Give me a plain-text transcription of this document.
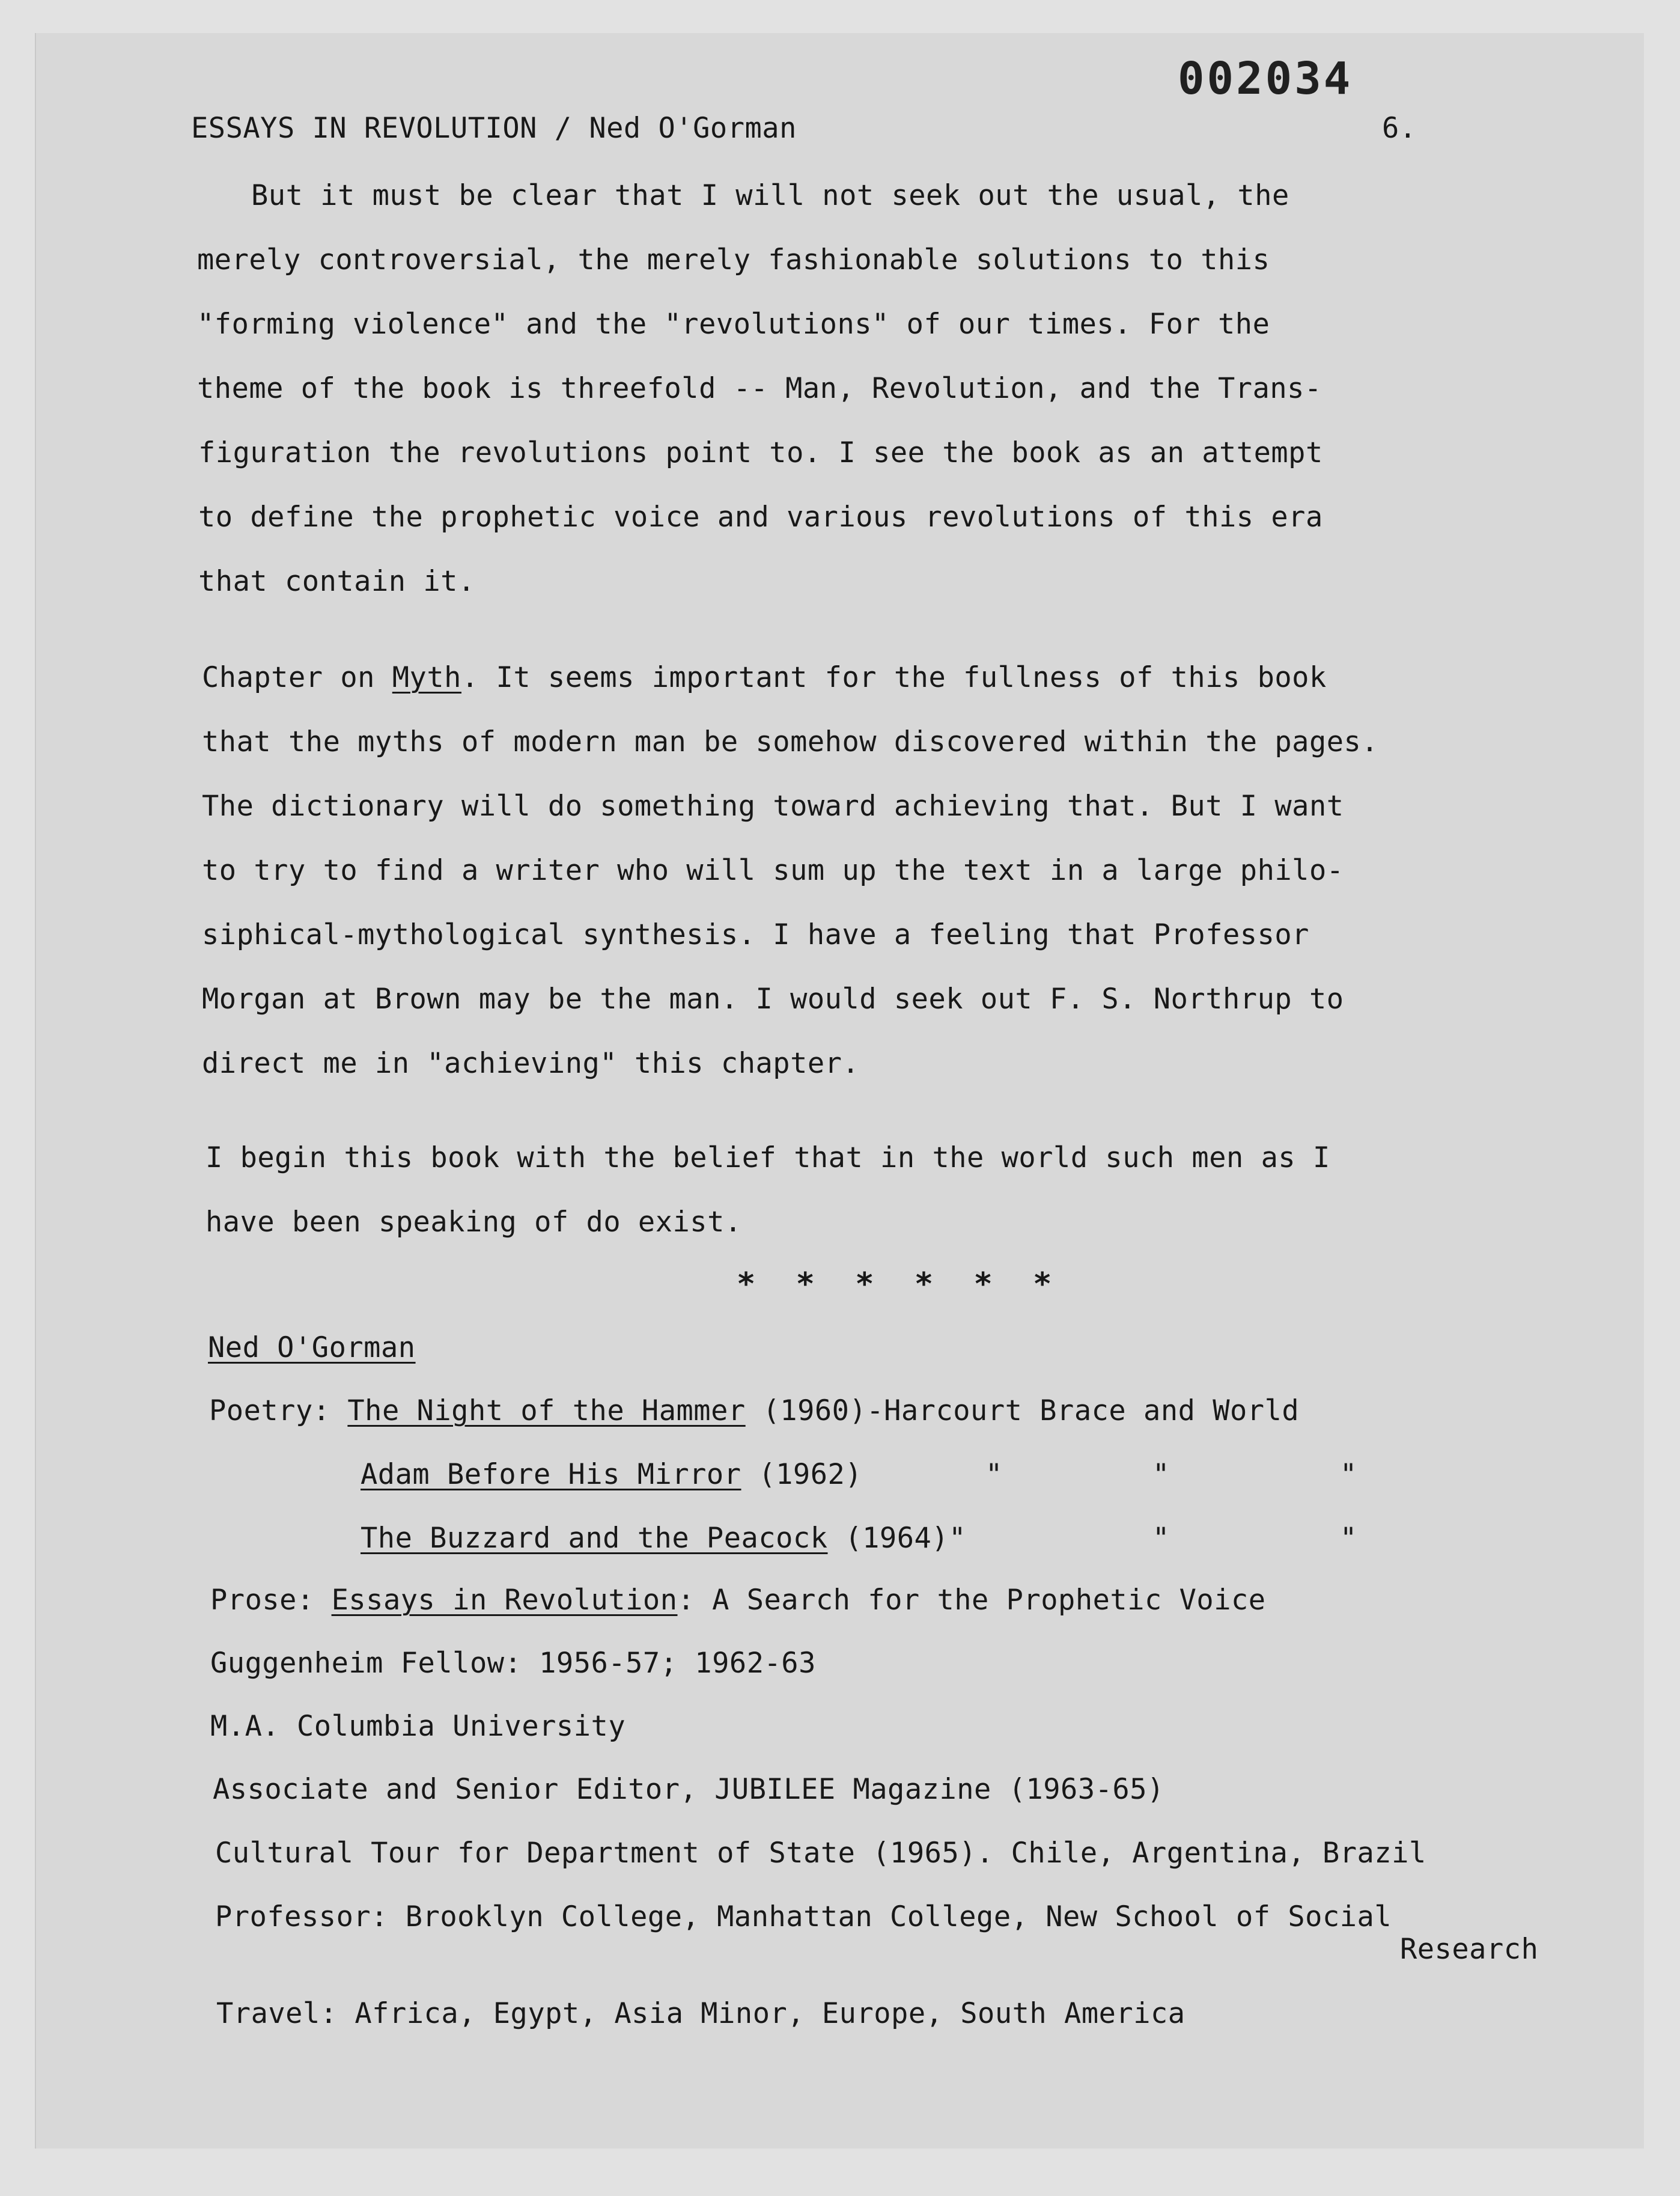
002034
ESSAYS IN REVOLUTION / Ned O'Gorman	6.
But it must be clear that I will not seek out the usual, the
merely controversial, the merely fashionable solutions to this
"forming violence" and the "revolutions" of our times. For the
theme of the book is threefold -- Man, Revolution, and the Trans-
figuration the revolutions point to. I see the book as an attempt
to define the prophetic voice and various revolutions of this era
that contain it.
Chapter on Myth. It seems important for the fullness of this book
that the myths of modern man be somehow discovered within the pages.
The dictionary will do something toward achieving that. But I want
to try to find a writer who will sum up the text in a large philo-
siphical-mythological synthesis. I have a feeling that Professor
Morgan at Brown may be the man. I would seek out F. S. Northrup to
direct me in "achieving" this chapter.
I begin this book with the belief that in the world such men as I
have been speaking of do exist.
* * * * * *
Ned O'Gorman
Poetry: The Night of the Hammer (1960)-Harcourt Brace and World
Adam Before His Mirror (1962)	"	"	"
The Buzzard and the Peacock (1964)"	"	"
Prose: Essays in Revolution: A Search for the Prophetic Voice
Guggenheim Fellow: 1956-57; 1962-63
M.A. Columbia University
Associate and Senior Editor, JUBILEE Magazine (1963-65)
Cultural Tour for Department of State (1965). Chile, Argentina, Brazil
Professor: Brooklyn College, Manhattan College, New School of Social
Research
Travel: Africa, Egypt, Asia Minor, Europe, South America
